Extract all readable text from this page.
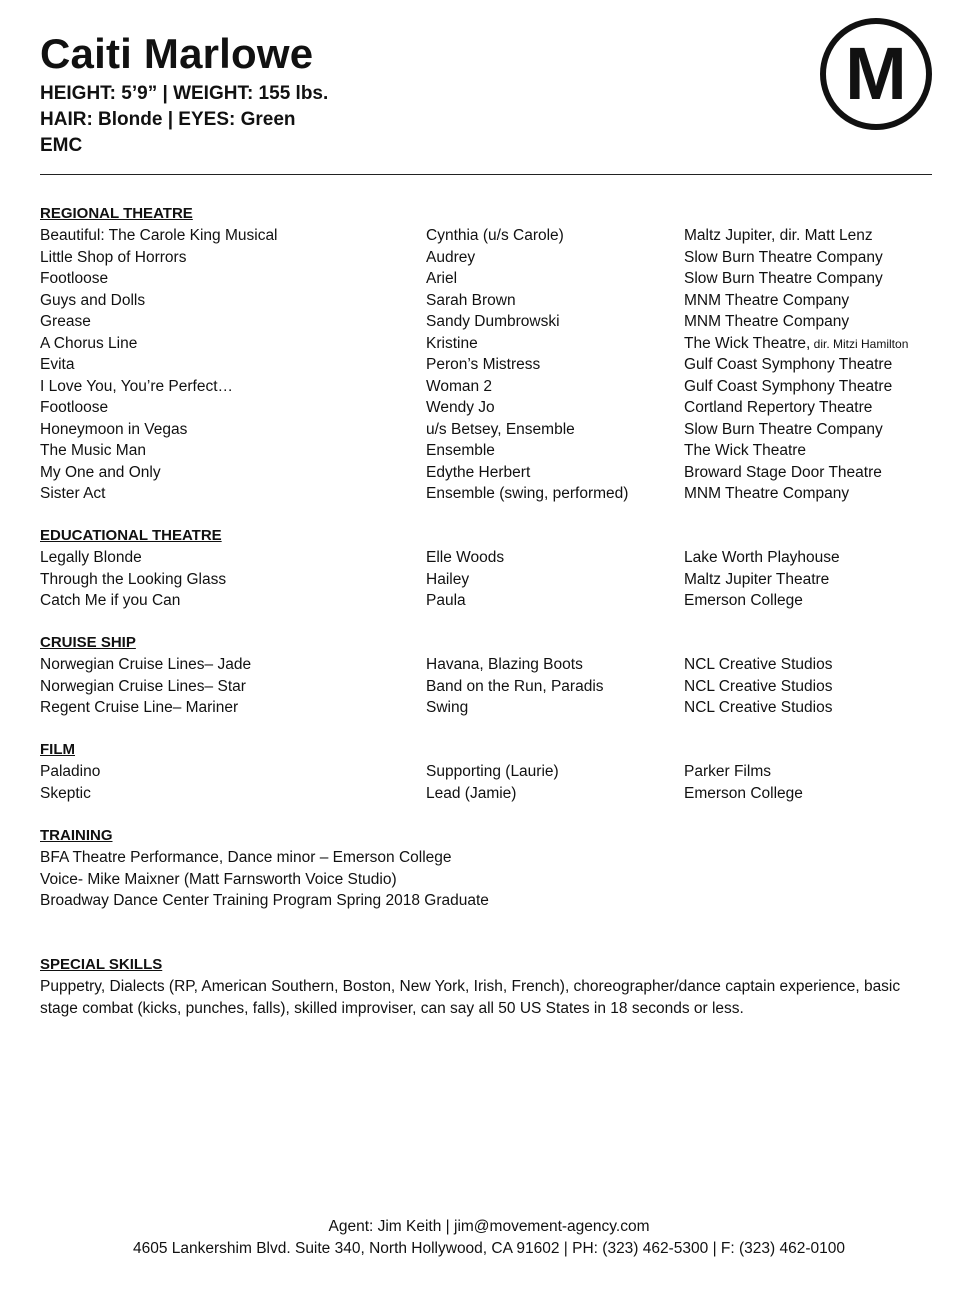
Caiti Marlowe
HEIGHT: 5’9” | WEIGHT: 155 lbs.
HAIR: Blonde | EYES: Green
EMC
M
REGIONAL THEATRE
Beautiful: The Carole King Musical	Cynthia (u/s Carole)	Maltz Jupiter, dir. Matt Lenz
Little Shop of Horrors	Audrey	Slow Burn Theatre Company
Footloose	Ariel	Slow Burn Theatre Company
Guys and Dolls	Sarah Brown	MNM Theatre Company
Grease	Sandy Dumbrowski	MNM Theatre Company
A Chorus Line	Kristine	The Wick Theatre, dir. Mitzi Hamilton
Evita	Peron’s Mistress	Gulf Coast Symphony Theatre
I Love You, You’re Perfect…	Woman 2	Gulf Coast Symphony Theatre
Footloose	Wendy Jo	Cortland Repertory Theatre
Honeymoon in Vegas	u/s Betsey, Ensemble	Slow Burn Theatre Company
The Music Man	Ensemble	The Wick Theatre
My One and Only	Edythe Herbert	Broward Stage Door Theatre
Sister Act	Ensemble (swing, performed)	MNM Theatre Company
EDUCATIONAL THEATRE
Legally Blonde	Elle Woods	Lake Worth Playhouse
Through the Looking Glass	Hailey	Maltz Jupiter Theatre
Catch Me if you Can	Paula	Emerson College
CRUISE SHIP
Norwegian Cruise Lines– Jade	Havana, Blazing Boots	NCL Creative Studios
Norwegian Cruise Lines– Star	Band on the Run, Paradis	NCL Creative Studios
Regent Cruise Line– Mariner	Swing	NCL Creative Studios
FILM
Paladino	Supporting (Laurie)	Parker Films
Skeptic	Lead (Jamie)	Emerson College
TRAINING
BFA Theatre Performance, Dance minor – Emerson College
Voice- Mike Maixner (Matt Farnsworth Voice Studio)
Broadway Dance Center Training Program Spring 2018 Graduate
SPECIAL SKILLS
Puppetry, Dialects (RP, American Southern, Boston, New York, Irish, French), choreographer/dance captain experience, basic stage combat (kicks, punches, falls), skilled improviser, can say all 50 US States in 18 seconds or less.
Agent: Jim Keith | jim@movement-agency.com
4605 Lankershim Blvd. Suite 340, North Hollywood, CA 91602 | PH: (323) 462-5300 | F: (323) 462-0100
